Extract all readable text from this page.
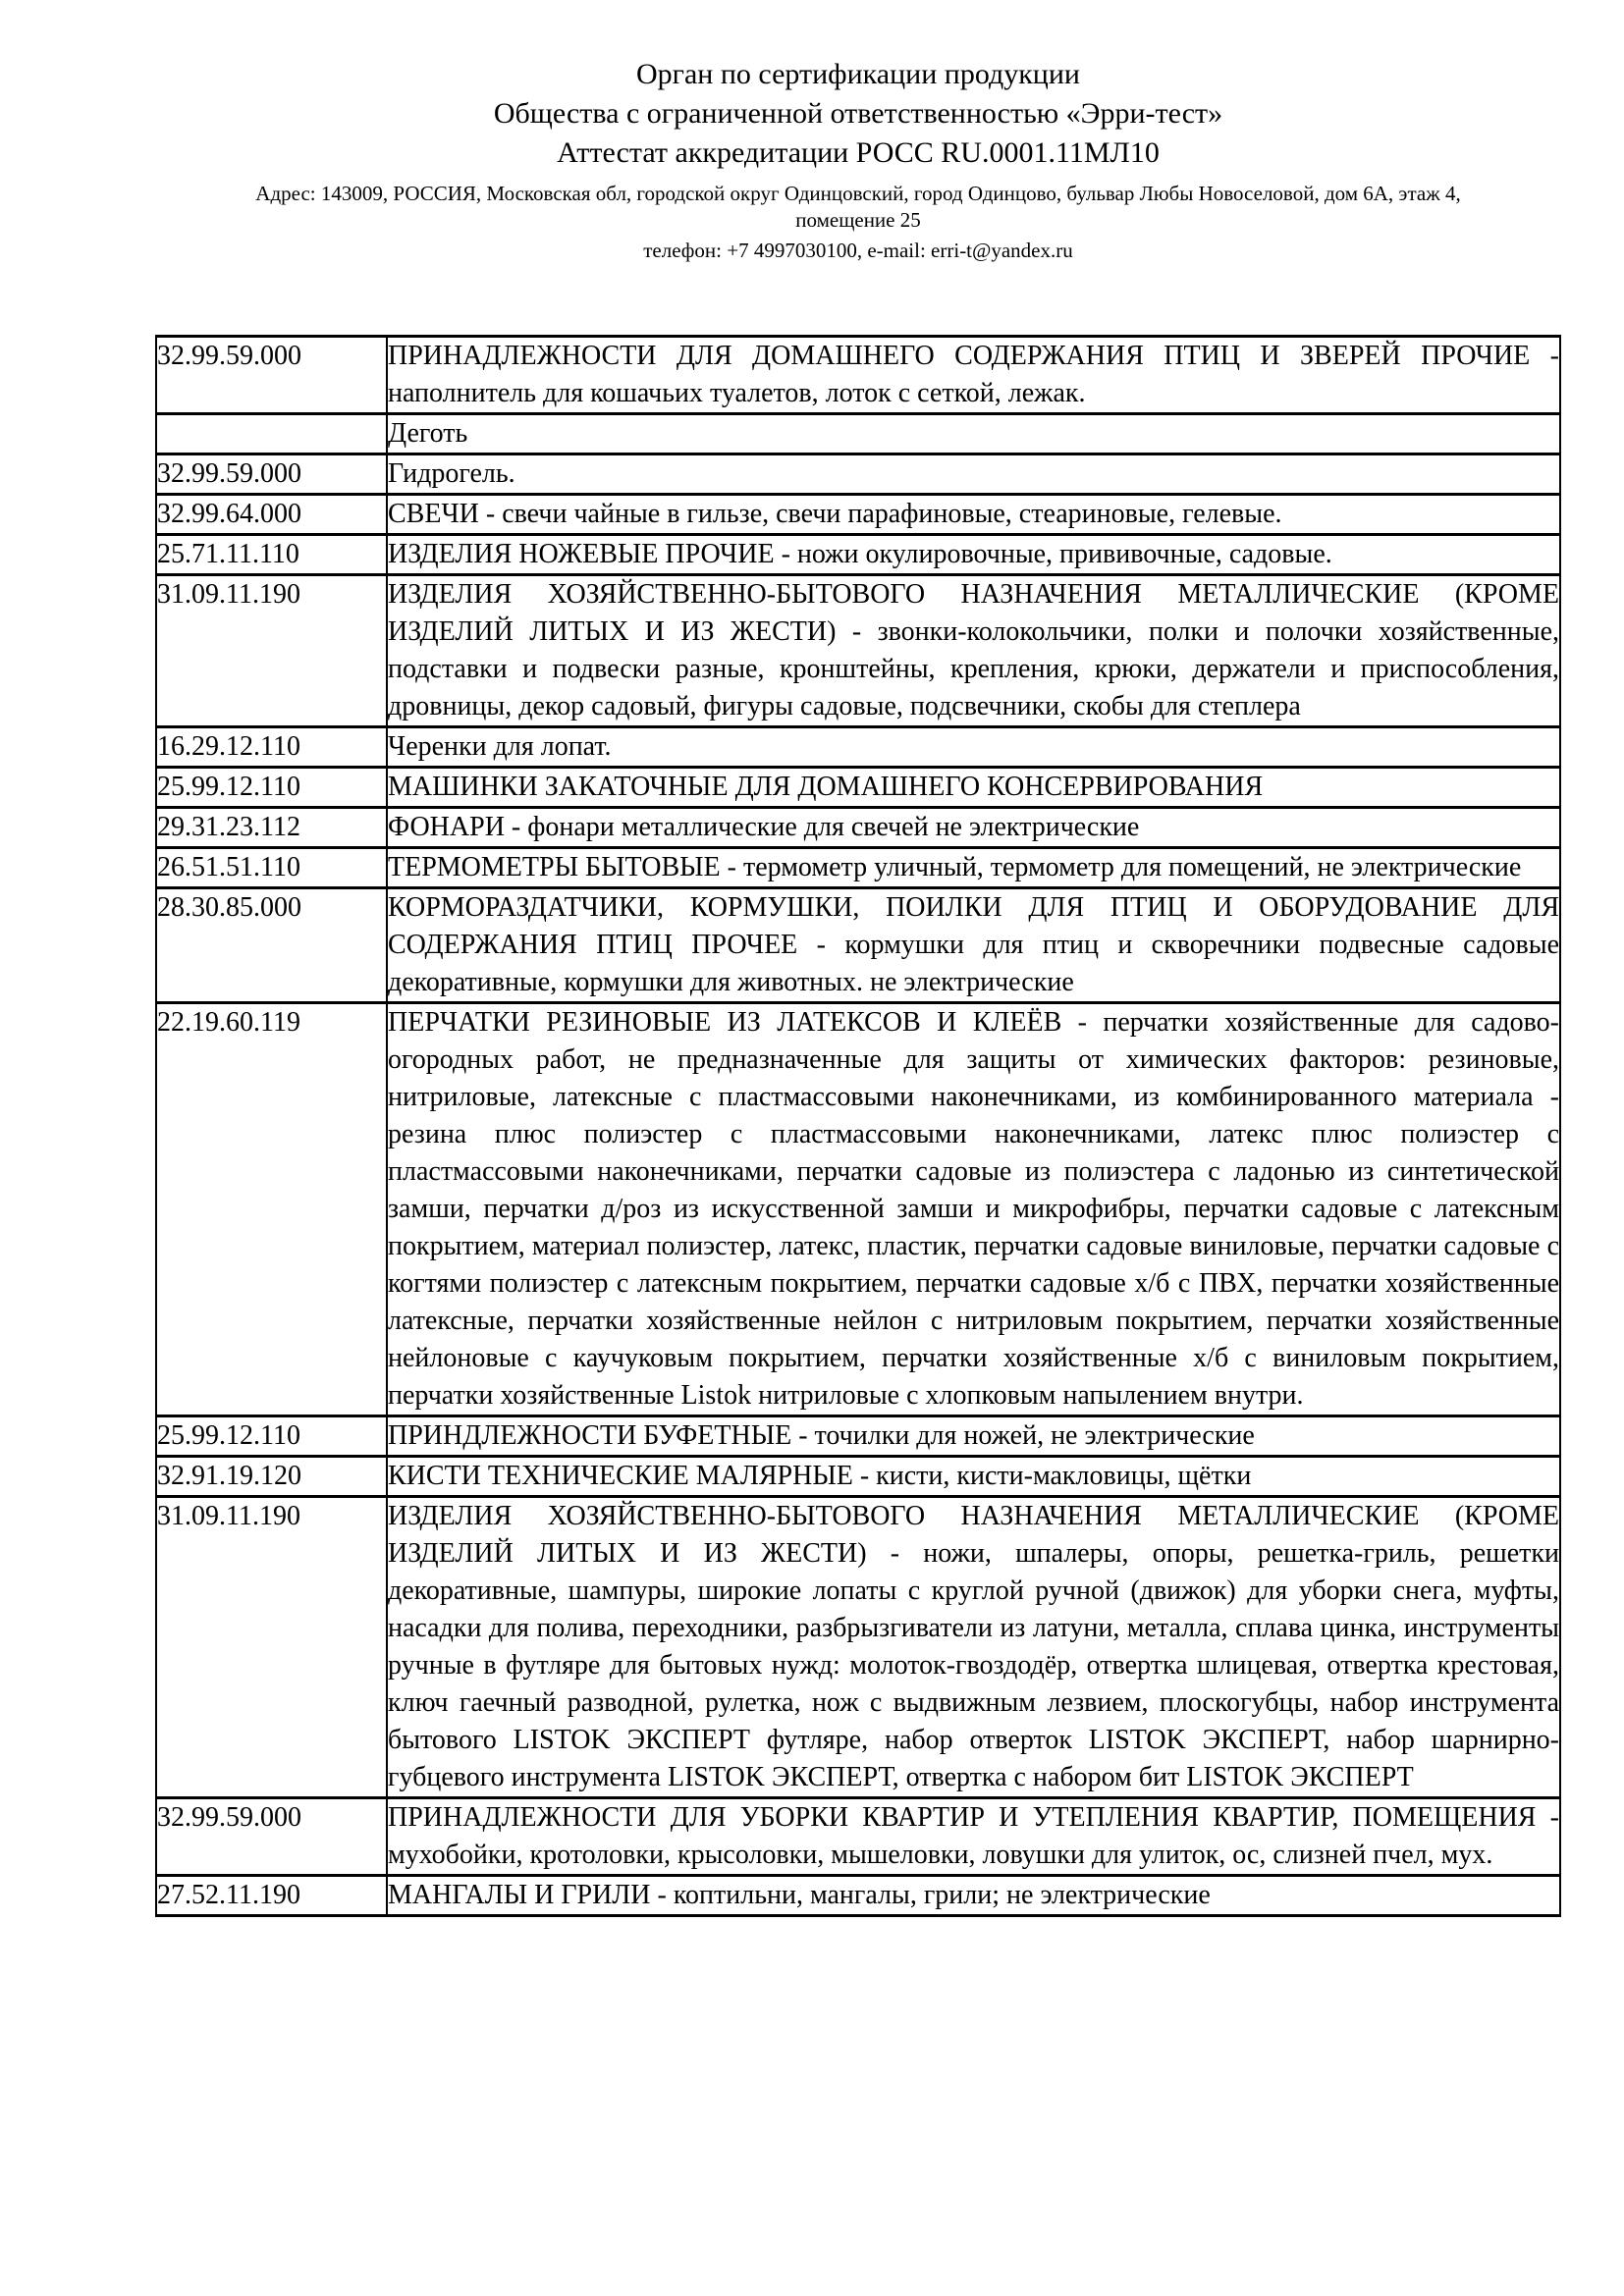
Орган по сертификации продукции
Общества с ограниченной ответственностью «Эрри-тест»
Аттестат аккредитации РОСС RU.0001.11МЛ10
Адрес: 143009, РОССИЯ, Московская обл, городской округ Одинцовский, город Одинцово, бульвар Любы Новоселовой, дом 6А, этаж 4,
помещение 25
телефон: +7 4997030100, e-mail: erri-t@yandex.ru
32.99.59.000	ПРИНАДЛЕЖНОСТИ ДЛЯ ДОМАШНЕГО СОДЕРЖАНИЯ ПТИЦ И ЗВЕРЕЙ ПРОЧИЕ - наполнитель для кошачьих туалетов, лоток с сеткой, лежак.
	Деготь
32.99.59.000	Гидрогель.
32.99.64.000	СВЕЧИ - свечи чайные в гильзе, свечи парафиновые, стеариновые, гелевые.
25.71.11.110	ИЗДЕЛИЯ НОЖЕВЫЕ ПРОЧИЕ - ножи окулировочные, прививочные, садовые.
31.09.11.190	ИЗДЕЛИЯ ХОЗЯЙСТВЕННО-БЫТОВОГО НАЗНАЧЕНИЯ МЕТАЛЛИЧЕСКИЕ (КРОМЕ ИЗДЕЛИЙ ЛИТЫХ И ИЗ ЖЕСТИ) - звонки-колокольчики, полки и полочки хозяйственные, подставки и подвески разные, кронштейны, крепления, крюки, держатели и приспособления, дровницы, декор садовый, фигуры садовые, подсвечники, скобы для степлера
16.29.12.110	Черенки для лопат.
25.99.12.110	МАШИНКИ ЗАКАТОЧНЫЕ ДЛЯ ДОМАШНЕГО КОНСЕРВИРОВАНИЯ
29.31.23.112	ФОНАРИ - фонари металлические для свечей не электрические
26.51.51.110	ТЕРМОМЕТРЫ БЫТОВЫЕ - термометр уличный, термометр для помещений, не электрические
28.30.85.000	КОРМОРАЗДАТЧИКИ, КОРМУШКИ, ПОИЛКИ ДЛЯ ПТИЦ И ОБОРУДОВАНИЕ ДЛЯ СОДЕРЖАНИЯ ПТИЦ ПРОЧЕЕ - кормушки для птиц и скворечники подвесные садовые декоративные, кормушки для животных. не электрические
22.19.60.119	ПЕРЧАТКИ РЕЗИНОВЫЕ ИЗ ЛАТЕКСОВ И КЛЕЁВ - перчатки хозяйственные для садово-огородных работ, не предназначенные для защиты от химических факторов: резиновые, нитриловые, латексные с пластмассовыми наконечниками, из комбинированного материала - резина плюс полиэстер с пластмассовыми наконечниками, латекс плюс полиэстер с пластмассовыми наконечниками, перчатки садовые из полиэстера с ладонью из синтетической замши, перчатки д/роз из искусственной замши и микрофибры, перчатки садовые с латексным покрытием, материал полиэстер, латекс, пластик, перчатки садовые виниловые, перчатки садовые с когтями полиэстер с латексным покрытием, перчатки садовые х/б с ПВХ, перчатки хозяйственные латексные, перчатки хозяйственные нейлон с нитриловым покрытием, перчатки хозяйственные нейлоновые с каучуковым покрытием, перчатки хозяйственные х/б с виниловым покрытием, перчатки хозяйственные Listok нитриловые с хлопковым напылением внутри.
25.99.12.110	ПРИНДЛЕЖНОСТИ БУФЕТНЫЕ - точилки для ножей, не электрические
32.91.19.120	КИСТИ ТЕХНИЧЕСКИЕ МАЛЯРНЫЕ - кисти, кисти-макловицы, щётки
31.09.11.190	ИЗДЕЛИЯ ХОЗЯЙСТВЕННО-БЫТОВОГО НАЗНАЧЕНИЯ МЕТАЛЛИЧЕСКИЕ (КРОМЕ ИЗДЕЛИЙ ЛИТЫХ И ИЗ ЖЕСТИ) - ножи, шпалеры, опоры, решетка-гриль, решетки декоративные, шампуры, широкие лопаты с круглой ручной (движок) для уборки снега, муфты, насадки для полива, переходники, разбрызгиватели из латуни, металла, сплава цинка, инструменты ручные в футляре для бытовых нужд: молоток-гвоздодёр, отвертка шлицевая, отвертка крестовая, ключ гаечный разводной, рулетка, нож с выдвижным лезвием, плоскогубцы, набор инструмента бытового LISTOK ЭКСПЕРТ футляре, набор отверток LISTOK ЭКСПЕРТ, набор шарнирно-губцевого инструмента LISTOK ЭКСПЕРТ, отвертка с набором бит LISTOK ЭКСПЕРТ
32.99.59.000	ПРИНАДЛЕЖНОСТИ ДЛЯ УБОРКИ КВАРТИР И УТЕПЛЕНИЯ КВАРТИР, ПОМЕЩЕНИЯ - мухобойки, кротоловки, крысоловки, мышеловки, ловушки для улиток, ос, слизней пчел, мух.
27.52.11.190	МАНГАЛЫ И ГРИЛИ - коптильни, мангалы, грили; не электрические
